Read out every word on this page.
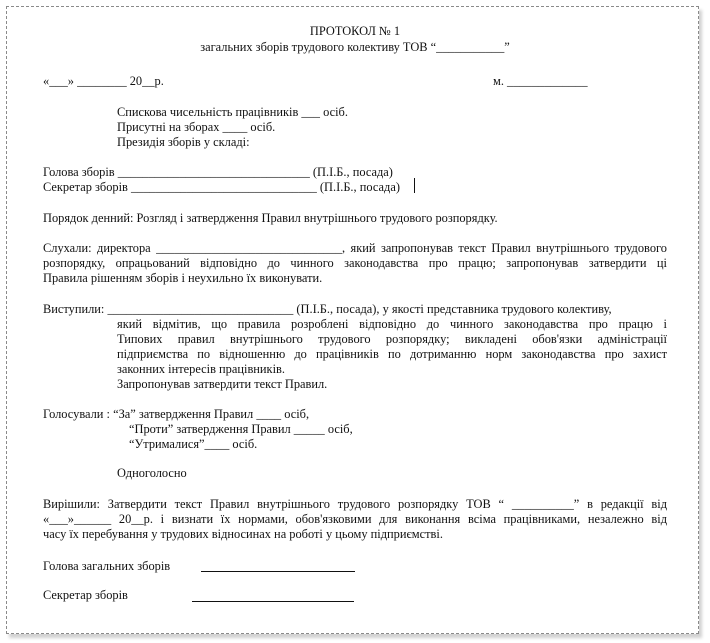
ПРОТОКОЛ № 1
загальних зборів трудового колективу ТОВ “___________”
«___» ________ 20__р.	м. _____________
Спискова чисельність працівників ___ осіб.
Присутні на зборах ____ осіб.
Президія зборів у складі:
Голова зборів _______________________________ (П.І.Б., посада)
Секретар зборів ______________________________ (П.І.Б., посада)
Порядок денний: Розгляд і затвердження Правил внутрішнього трудового розпорядку.
Слухали: директора ______________________________, який запропонував текст Правил внутрішнього трудового
розпорядку, опрацьований відповідно до чинного законодавства про працю; запропонував затвердити ці
Правила рішенням зборів і неухильно їх виконувати.
Виступили: ______________________________ (П.І.Б., посада), у якості представника трудового колективу,
який відмітив, що правила розроблені відповідно до чинного законодавства про працю і
Типових правил внутрішнього трудового розпорядку; викладені обов'язки адміністрації
підприємства по відношенню до працівників по дотриманню норм законодавства про захист
законних інтересів працівників.
Запропонував затвердити текст Правил.
Голосували : “За” затвердження Правил ____ осіб,
“Проти” затвердження Правил _____ осіб,
“Утрималися”____ осіб.
Одноголосно
Вирішили: Затвердити текст Правил внутрішнього трудового розпорядку ТОВ “ __________” в редакції від
«___»______ 20__р. і визнати їх нормами, обов'язковими для виконання всіма працівниками, незалежно від
часу їх перебування у трудових відносинах на роботі у цьому підприємстві.
Голова загальних зборів
Секретар зборів
